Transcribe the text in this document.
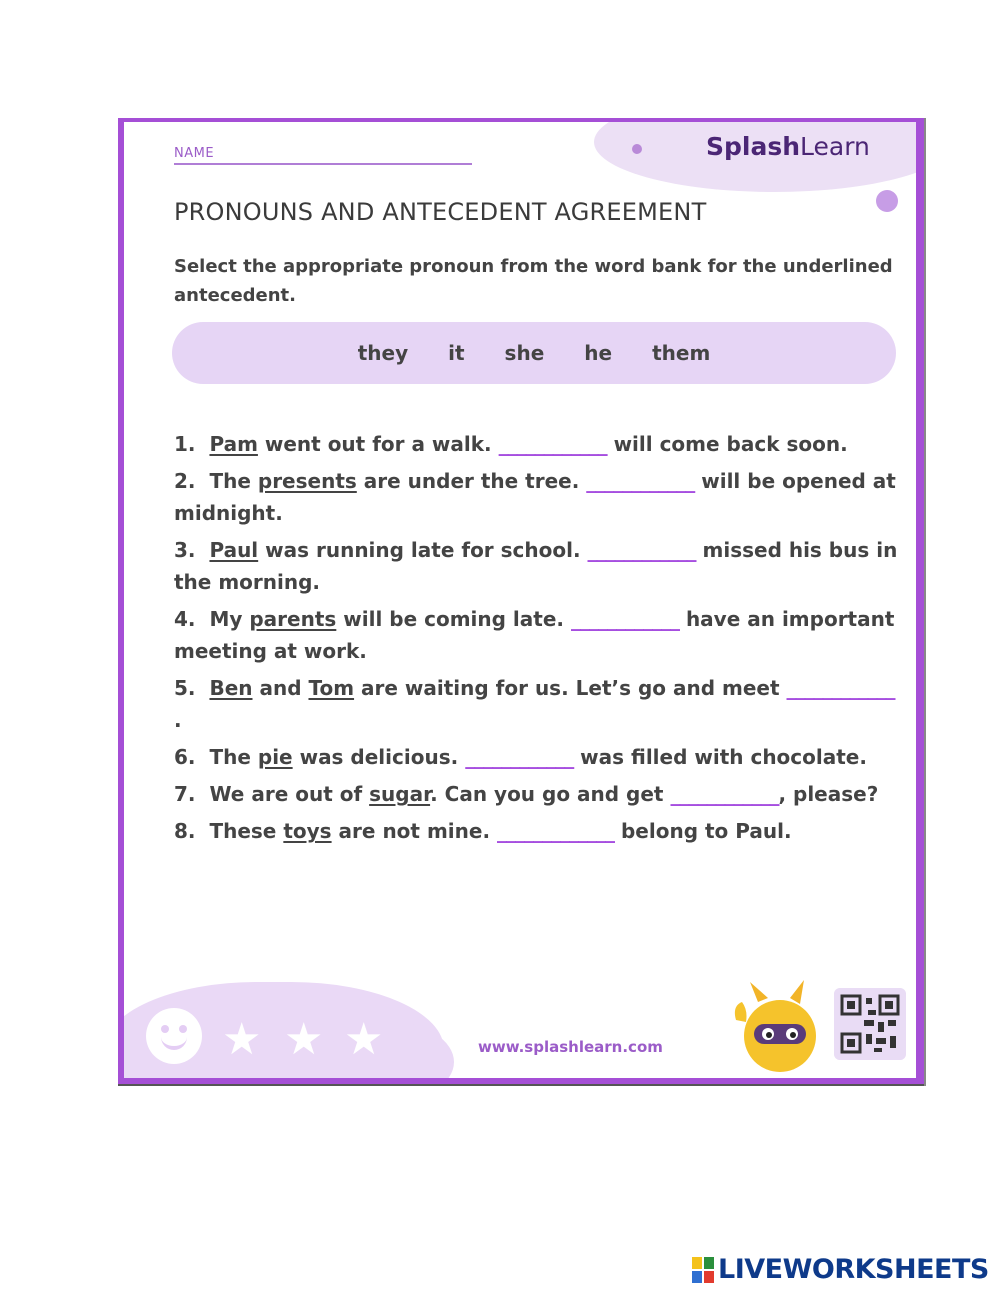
NAME	SplashLearn
PRONOUNS AND ANTECEDENT AGREEMENT
Select the appropriate pronoun from the word bank for the underlined antecedent.
they it she he them
1. Pam went out for a walk. ____________ will come back soon.
2. The presents are under the tree. ____________ will be opened at midnight.
3. Paul was running late for school. ____________ missed his bus in the morning.
4. My parents will be coming late. ____________ have an important meeting at work.
5. Ben and Tom are waiting for us. Let’s go and meet ____________ .
6. The pie was delicious. ____________ was filled with chocolate.
7. We are out of sugar. Can you go and get ____________, please?
8. These toys are not mine. _____________ belong to Paul.
★ ★ ★	www.splashlearn.com
LIVEWORKSHEETS
